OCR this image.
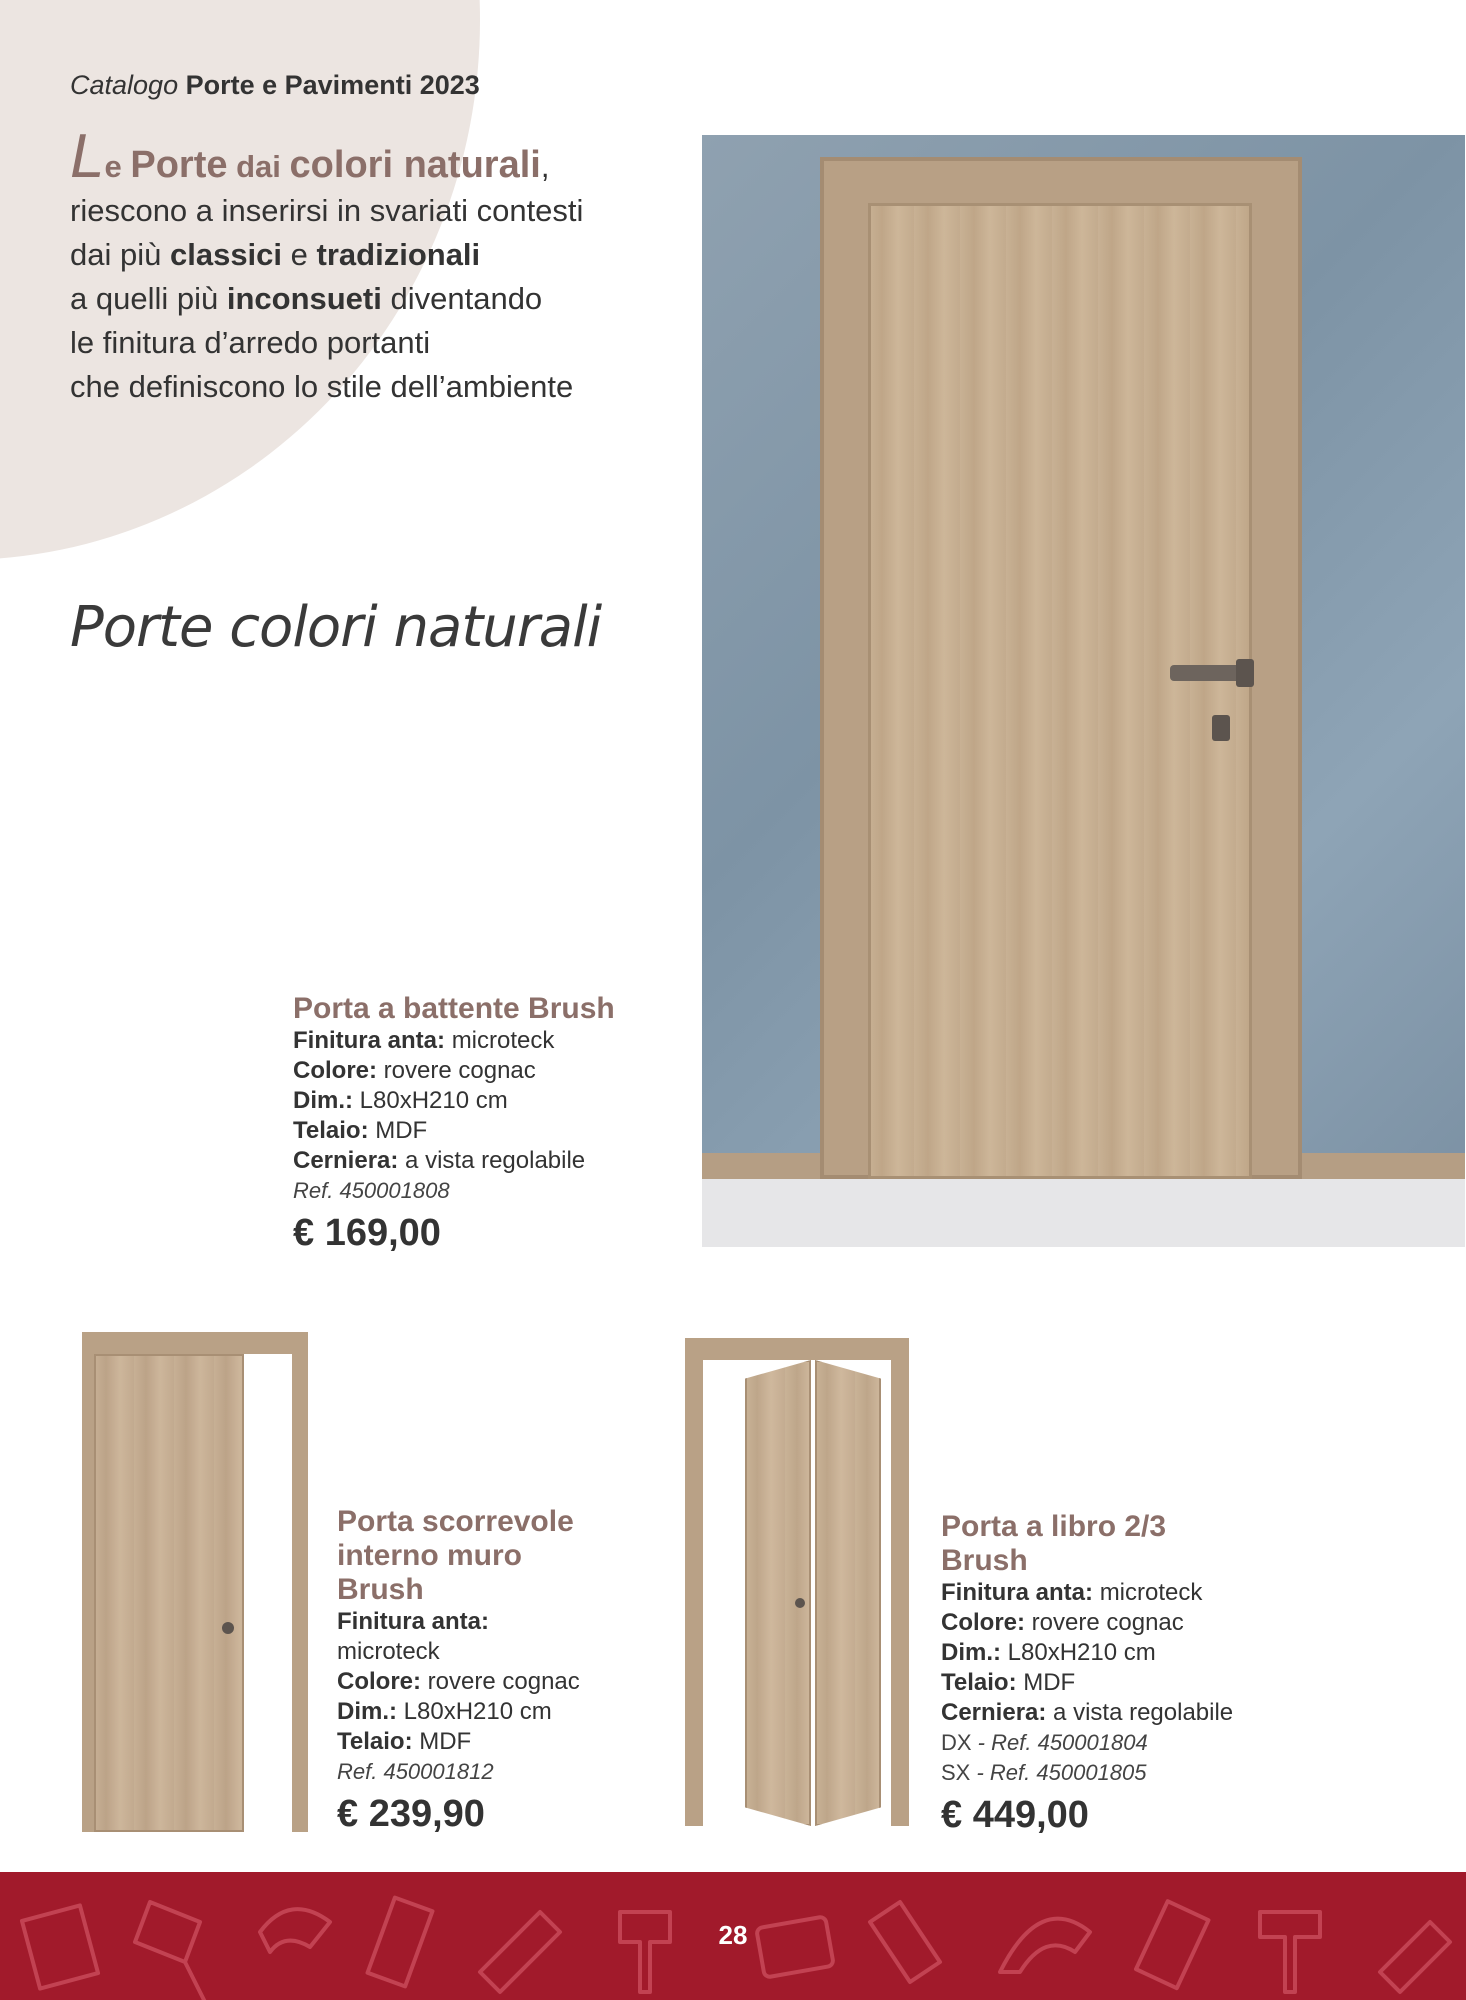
Catalogo Porte e Pavimenti 2023
Le Porte dai colori naturali,
riescono a inserirsi in svariati contesti
dai più classici e tradizionali
a quelli più inconsueti diventando
le finitura d’arredo portanti
che definiscono lo stile dell’ambiente
Porte colori naturali
Porta a battente Brush
Finitura anta: microteck
Colore: rovere cognac
Dim.: L80xH210 cm
Telaio: MDF
Cerniera: a vista regolabile
Ref. 450001808
€ 169,00
Porta scorrevole
interno muro
Brush
Finitura anta:
microteck
Colore: rovere cognac
Dim.: L80xH210 cm
Telaio: MDF
Ref. 450001812
€ 239,90
Porta a libro 2/3
Brush
Finitura anta: microteck
Colore: rovere cognac
Dim.: L80xH210 cm
Telaio: MDF
Cerniera: a vista regolabile
DX - Ref. 450001804
SX - Ref. 450001805
€ 449,00
28
